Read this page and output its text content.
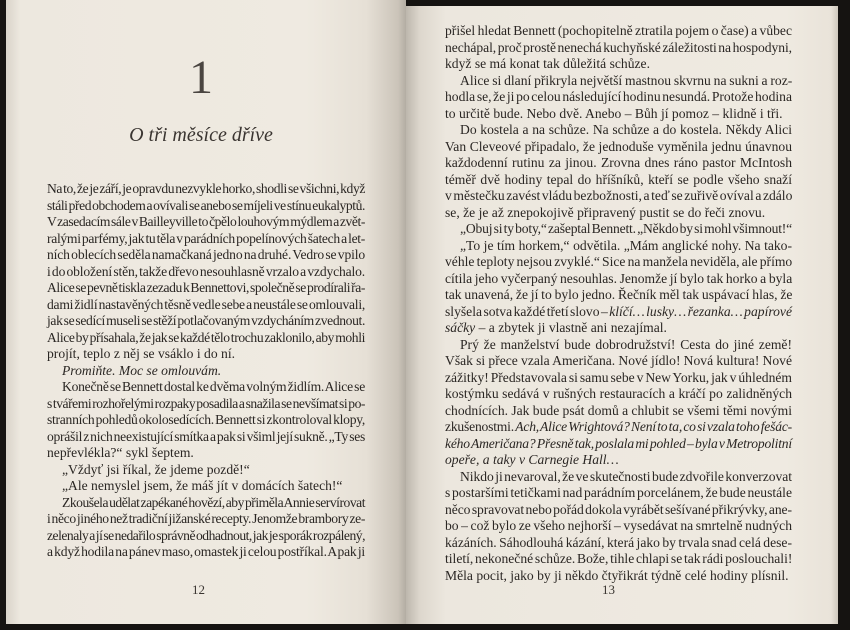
1
O tři měsíce dříve
Na to, že je září, je opravdu nezvykle horko, shodli se všichni, když
stáli před obchodem a ovívali se anebo se míjeli ve stínu eukalyptů.
V zasedacím sále v Bailleyville to čpělo louhovým mýdlem a zvět-
ralými parfémy, jak tu těla v parádních popelínových šatech a let-
ních oblecích seděla namačkaná jedno na druhé. Vedro se vpilo
i do obložení stěn, takže dřevo nesouhlasně vrzalo a vzdychalo.
Alice se pevně tiskla zezadu k Bennettovi, společně se prodírali řa-
dami židlí nastavěných těsně vedle sebe a neustále se omlouvali,
jak se sedící museli se stěží potlačovaným vzdycháním zvednout.
Alice by přísahala, že jak se každé tělo trochu zaklonilo, aby mohli
projít, teplo z něj se vsáklo i do ní.
Promiňte. Moc se omlouvám.
Konečně se Bennett dostal ke dvěma volným židlím. Alice se
s tvářemi rozhořelými rozpaky posadila a snažila se nevšímat si po-
stranních pohledů okolosedících. Bennett si zkontroloval klopy,
oprášil z nich neexistující smítka a pak si všiml její sukně. „Ty ses
nepřevlékla?“ sykl šeptem.
„Vždyť jsi říkal, že jdeme pozdě!“
„Ale nemyslel jsem, že máš jít v domácích šatech!“
Zkoušela udělat zapékané hovězí, aby přiměla Annie servírovat
i něco jiného než tradiční jižanské recepty. Jenomže brambory ze-
zelenaly a jí se nedařilo správně odhadnout, jak je sporák rozpálený,
a když hodila na pánev maso, omastek ji celou postříkal. A pak ji
12
přišel hledat Bennett (pochopitelně ztratila pojem o čase) a vůbec
nechápal, proč prostě nenechá kuchyňské záležitosti na hospodyni,
když se má konat tak důležitá schůze.
Alice si dlaní přikryla největší mastnou skvrnu na sukni a roz-
hodla se, že ji po celou následující hodinu nesundá. Protože hodina
to určitě bude. Nebo dvě. Anebo – Bůh jí pomoz – klidně i tři.
Do kostela a na schůze. Na schůze a do kostela. Někdy Alici
Van Cleveové připadalo, že jednoduše vyměnila jednu únavnou
každodenní rutinu za jinou. Zrovna dnes ráno pastor McIntosh
téměř dvě hodiny tepal do hříšníků, kteří se podle všeho snaží
v městečku zavést vládu bezbožnosti, a teď se zuřivě ovíval a zdálo
se, že je až znepokojivě připravený pustit se do řeči znovu.
„Obuj si ty boty,“ zašeptal Bennett. „Někdo by si mohl všimnout!“
„To je tím horkem,“ odvětila. „Mám anglické nohy. Na tako-
véhle teploty nejsou zvyklé.“ Sice na manžela neviděla, ale přímo
cítila jeho vyčerpaný nesouhlas. Jenomže jí bylo tak horko a byla
tak unavená, že jí to bylo jedno. Řečník měl tak uspávací hlas, že
slyšela sotva každé třetí slovo – klíčí… lusky… řezanka… papírové
sáčky – a zbytek ji vlastně ani nezajímal.
Prý že manželství bude dobrodružství! Cesta do jiné země!
Však si přece vzala Američana. Nové jídlo! Nová kultura! Nové
zážitky! Představovala si samu sebe v New Yorku, jak v úhledném
kostýmku sedává v rušných restauracích a kráčí po zalidněných
chodnících. Jak bude psát domů a chlubit se všemi těmi novými
zkušenostmi. Ach, Alice Wrightová? Není to ta, co si vzala toho fešác-
kého Američana? Přesně tak, poslala mi pohled – byla v Metropolitní
opeře, a taky v Carnegie Hall…
Nikdo ji nevaroval, že ve skutečnosti bude zdvořile konverzovat
s postaršími tetičkami nad parádním porcelánem, že bude neustále
něco spravovat nebo pořád dokola vyrábět sešívané přikrývky, ane-
bo – což bylo ze všeho nejhorší – vysedávat na smrtelně nudných
kázáních. Sáhodlouhá kázání, která jako by trvala snad celá dese-
tiletí, nekonečné schůze. Bože, tihle chlapi se tak rádi poslouchali!
Měla pocit, jako by ji někdo čtyřikrát týdně celé hodiny plísnil.
13
